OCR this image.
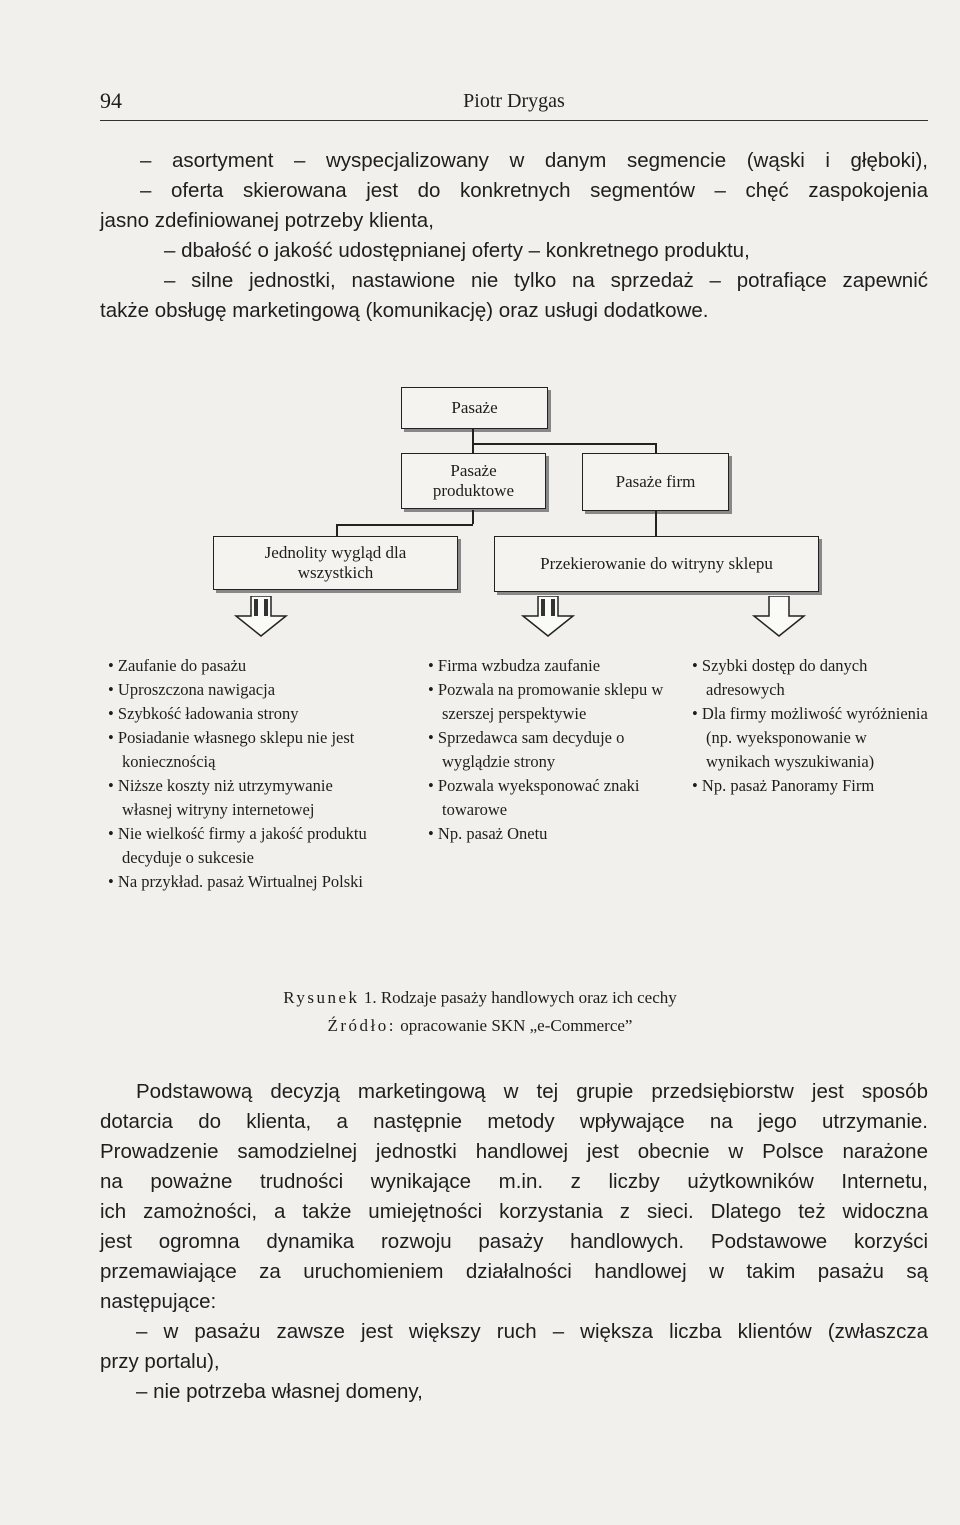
94	Piotr Drygas
– asortyment – wyspecjalizowany w danym segmencie (wąski i głęboki),
– oferta skierowana jest do konkretnych segmentów – chęć zaspokojenia
jasno zdefiniowanej potrzeby klienta,
– dbałość o jakość udostępnianej oferty – konkretnego produktu,
– silne jednostki, nastawione nie tylko na sprzedaż – potrafiące zapewnić
także obsługę marketingową (komunikację) oraz usługi dodatkowe.
Pasaże
Pasaże produktowe	Pasaże firm
Jednolity wygląd dla wszystkich	Przekierowanie do witryny sklepu
• Zaufanie do pasażu
• Uproszczona nawigacja
• Szybkość ładowania strony
• Posiadanie własnego sklepu nie jest koniecznością
• Niższe koszty niż utrzymywanie własnej witryny internetowej
• Nie wielkość firmy a jakość produktu decyduje o sukcesie
• Na przykład. pasaż Wirtualnej Polski
• Firma wzbudza zaufanie
• Pozwala na promowanie sklepu w szerszej perspektywie
• Sprzedawca sam decyduje o wyglądzie strony
• Pozwala wyeksponować znaki towarowe
• Np. pasaż Onetu
• Szybki dostęp do danych adresowych
• Dla firmy możliwość wyróżnienia (np. wyeksponowanie w wynikach wyszukiwania)
• Np. pasaż Panoramy Firm
Rysunek 1. Rodzaje pasaży handlowych oraz ich cechy
Źródło: opracowanie SKN „e-Commerce”
Podstawową decyzją marketingową w tej grupie przedsiębiorstw jest sposób
dotarcia do klienta, a następnie metody wpływające na jego utrzymanie.
Prowadzenie samodzielnej jednostki handlowej jest obecnie w Polsce narażone
na poważne trudności wynikające m.in. z liczby użytkowników Internetu,
ich zamożności, a także umiejętności korzystania z sieci. Dlatego też widoczna
jest ogromna dynamika rozwoju pasaży handlowych. Podstawowe korzyści
przemawiające za uruchomieniem działalności handlowej w takim pasażu są
następujące:
– w pasażu zawsze jest większy ruch – większa liczba klientów (zwłaszcza
przy portalu),
– nie potrzeba własnej domeny,
